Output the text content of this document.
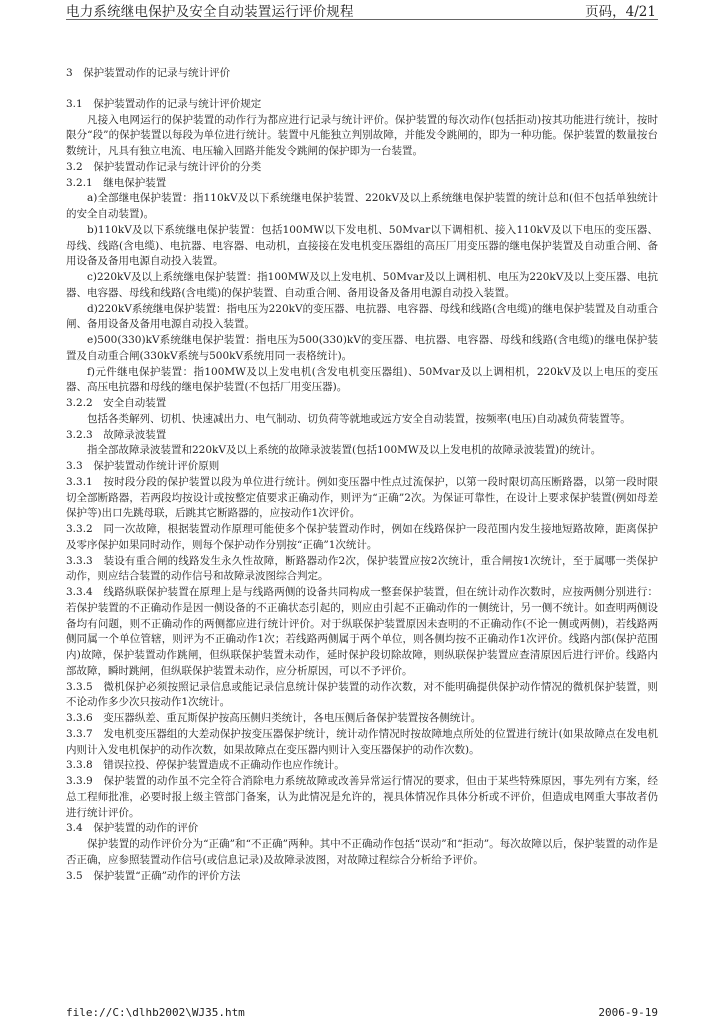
电力系统继电保护及安全自动装置运行评价规程	页码，4/21

3　保护装置动作的记录与统计评价

3.1　保护装置动作的记录与统计评价规定

凡接入电网运行的保护装置的动作行为都应进行记录与统计评价。保护装置的每次动作(包括拒动)按其功能进行统计，按时限分“段”的保护装置以每段为单位进行统计。装置中凡能独立判别故障，并能发令跳闸的，即为一种功能。保护装置的数量按台数统计，凡具有独立电流、电压输入回路并能发令跳闸的保护即为一台装置。

3.2　保护装置动作记录与统计评价的分类

3.2.1　继电保护装置

a)全部继电保护装置：指110kV及以下系统继电保护装置、220kV及以上系统继电保护装置的统计总和(但不包括单独统计的安全自动装置)。

b)110kV及以下系统继电保护装置：包括100MW以下发电机、50Mvar以下调相机、接入110kV及以下电压的变压器、母线、线路(含电缆)、电抗器、电容器、电动机，直接接在发电机变压器组的高压厂用变压器的继电保护装置及自动重合闸、备用设备及备用电源自动投入装置。

c)220kV及以上系统继电保护装置：指100MW及以上发电机、50Mvar及以上调相机、电压为220kV及以上变压器、电抗器、电容器、母线和线路(含电缆)的保护装置、自动重合闸、备用设备及备用电源自动投入装置。

d)220kV系统继电保护装置：指电压为220kV的变压器、电抗器、电容器、母线和线路(含电缆)的继电保护装置及自动重合闸、备用设备及备用电源自动投入装置。

e)500(330)kV系统继电保护装置：指电压为500(330)kV的变压器、电抗器、电容器、母线和线路(含电缆)的继电保护装置及自动重合闸(330kV系统与500kV系统用同一表格统计)。

f)元件继电保护装置：指100MW及以上发电机(含发电机变压器组)、50Mvar及以上调相机，220kV及以上电压的变压器、高压电抗器和母线的继电保护装置(不包括厂用变压器)。

3.2.2　安全自动装置

包括各类解列、切机、快速减出力、电气制动、切负荷等就地或远方安全自动装置，按频率(电压)自动减负荷装置等。

3.2.3　故障录波装置

指全部故障录波装置和220kV及以上系统的故障录波装置(包括100MW及以上发电机的故障录波装置)的统计。

3.3　保护装置动作统计评价原则

3.3.1　按时段分段的保护装置以段为单位进行统计。例如变压器中性点过流保护，以第一段时限切高压断路器，以第一段时限切全部断路器，若两段均按设计或按整定值要求正确动作，则评为“正确”2次。为保证可靠性，在设计上要求保护装置(例如母差保护等)出口先跳母联，后跳其它断路器的，应按动作1次评价。

3.3.2　同一次故障，根据装置动作原理可能使多个保护装置动作时，例如在线路保护一段范围内发生接地短路故障，距离保护及零序保护如果同时动作，则每个保护动作分别按“正确”1次统计。

3.3.3　装设有重合闸的线路发生永久性故障，断路器动作2次，保护装置应按2次统计，重合闸按1次统计，至于属哪一类保护动作，则应结合装置的动作信号和故障录波图综合判定。

3.3.4　线路纵联保护装置在原理上是与线路两侧的设备共同构成一整套保护装置，但在统计动作次数时，应按两侧分别进行：若保护装置的不正确动作是因一侧设备的不正确状态引起的，则应由引起不正确动作的一侧统计，另一侧不统计。如查明两侧设备均有问题，则不正确动作的两侧都应进行统计评价。对于纵联保护装置原因未查明的不正确动作(不论一侧或两侧)，若线路两侧同属一个单位管辖，则评为不正确动作1次；若线路两侧属于两个单位，则各侧均按不正确动作1次评价。线路内部(保护范围内)故障，保护装置动作跳闸，但纵联保护装置未动作，延时保护段切除故障，则纵联保护装置应查清原因后进行评价。线路内部故障，瞬时跳闸，但纵联保护装置未动作，应分析原因，可以不予评价。

3.3.5　微机保护必须按照记录信息或能记录信息统计保护装置的动作次数，对不能明确提供保护动作情况的微机保护装置，则不论动作多少次只按动作1次统计。

3.3.6　变压器纵差、重瓦斯保护按高压侧归类统计，各电压侧后备保护装置按各侧统计。

3.3.7　发电机变压器组的大差动保护按变压器保护统计，统计动作情况时按故障地点所处的位置进行统计(如果故障点在发电机内则计入发电机保护的动作次数，如果故障点在变压器内则计入变压器保护的动作次数)。

3.3.8　错误拉投、停保护装置造成不正确动作也应作统计。

3.3.9　保护装置的动作虽不完全符合消除电力系统故障或改善异常运行情况的要求，但由于某些特殊原因，事先列有方案，经总工程师批准，必要时报上级主管部门备案，认为此情况是允许的，视具体情况作具体分析或不评价，但造成电网重大事故者仍进行统计评价。

3.4　保护装置的动作的评价

保护装置的动作评价分为“正确”和“不正确”两种。其中不正确动作包括“误动”和“拒动”。每次故障以后，保护装置的动作是否正确，应参照装置动作信号(或信息记录)及故障录波图，对故障过程综合分析给予评价。

3.5　保护装置“正确”动作的评价方法

file://C:\dlhb2002\WJ35.htm	2006-9-19
